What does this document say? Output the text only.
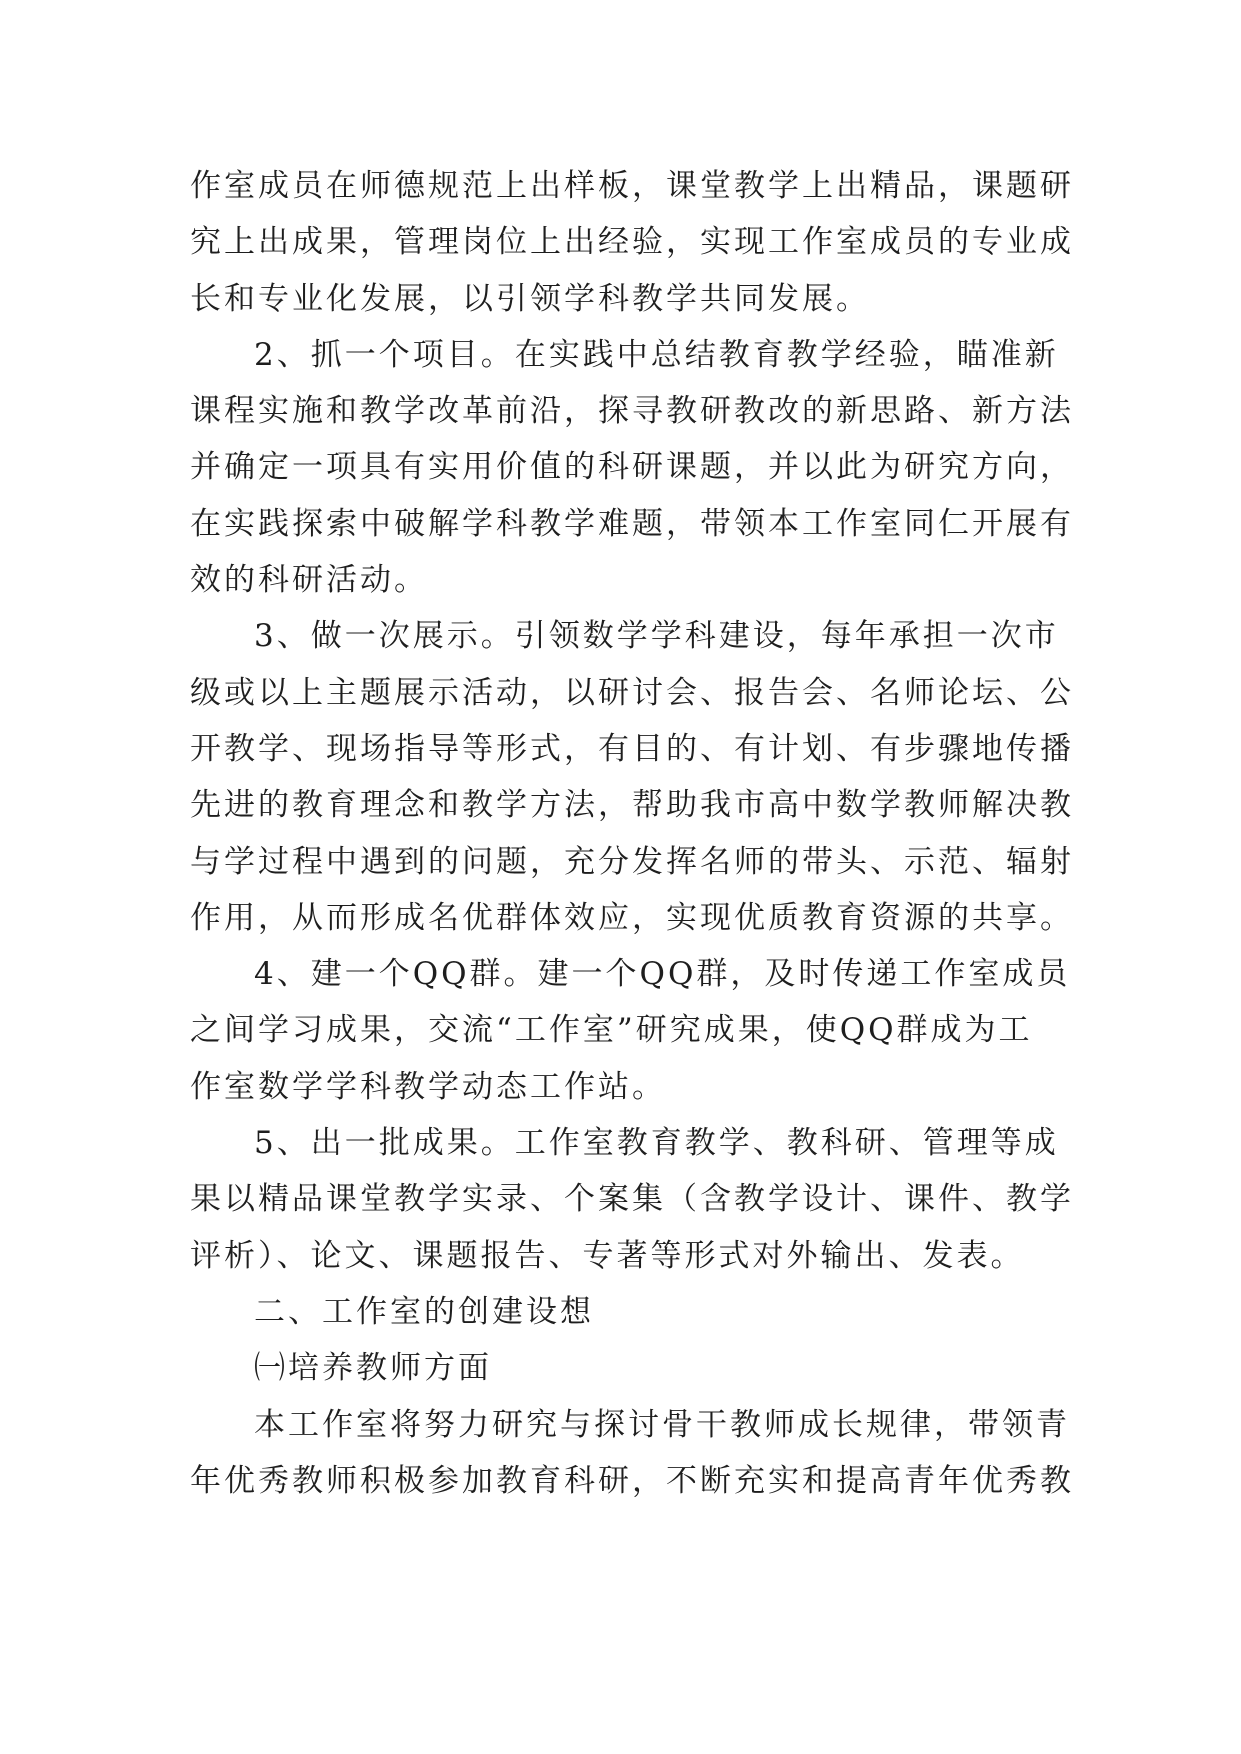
作室成员在师德规范上出样板，课堂教学上出精品，课题研
究上出成果，管理岗位上出经验，实现工作室成员的专业成
长和专业化发展，以引领学科教学共同发展。
2、抓一个项目。在实践中总结教育教学经验，瞄准新
课程实施和教学改革前沿，探寻教研教改的新思路、新方法
并确定一项具有实用价值的科研课题，并以此为研究方向，
在实践探索中破解学科教学难题，带领本工作室同仁开展有
效的科研活动。
3、做一次展示。引领数学学科建设，每年承担一次市
级或以上主题展示活动，以研讨会、报告会、名师论坛、公
开教学、现场指导等形式，有目的、有计划、有步骤地传播
先进的教育理念和教学方法，帮助我市高中数学教师解决教
与学过程中遇到的问题，充分发挥名师的带头、示范、辐射
作用，从而形成名优群体效应，实现优质教育资源的共享。
4、建一个QQ群。建一个QQ群，及时传递工作室成员
之间学习成果，交流“工作室”研究成果，使QQ群成为工
作室数学学科教学动态工作站。
5、出一批成果。工作室教育教学、教科研、管理等成
果以精品课堂教学实录、个案集（含教学设计、课件、教学
评析）、论文、课题报告、专著等形式对外输出、发表。
二、工作室的创建设想
㈠培养教师方面
本工作室将努力研究与探讨骨干教师成长规律，带领青
年优秀教师积极参加教育科研，不断充实和提高青年优秀教
